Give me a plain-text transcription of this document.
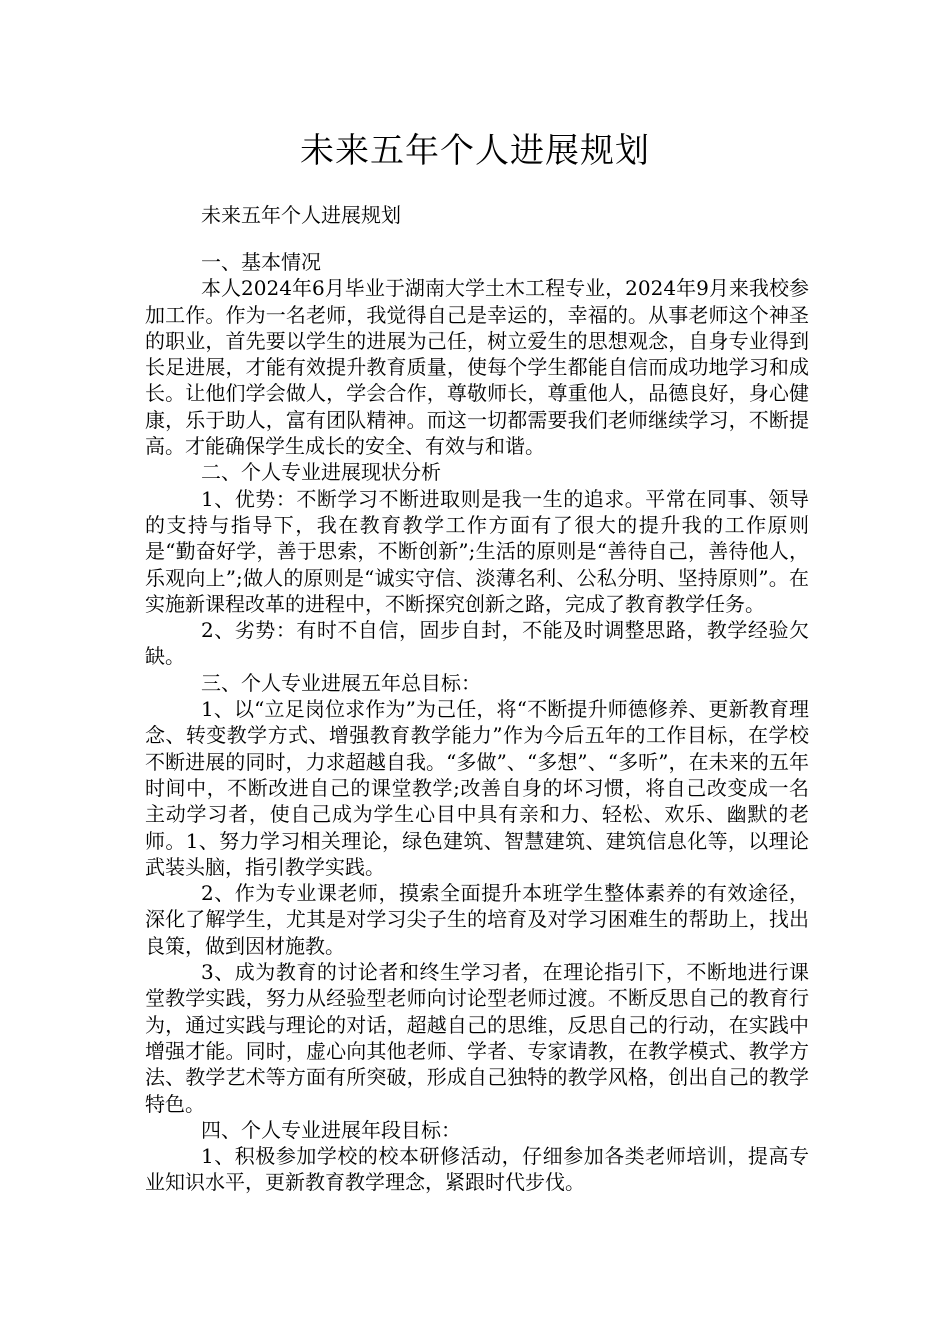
未来五年个人进展规划
未来五年个人进展规划

一、基本情况

本人2024年6月毕业于湖南大学土木工程专业，2024年9月来我校参加工作。作为一名老师，我觉得自己是幸运的，幸福的。从事老师这个神圣的职业，首先要以学生的进展为己任，树立爱生的思想观念，自身专业得到长足进展，才能有效提升教育质量，使每个学生都能自信而成功地学习和成长。让他们学会做人，学会合作，尊敬师长，尊重他人，品德良好，身心健康，乐于助人，富有团队精神。而这一切都需要我们老师继续学习，不断提高。才能确保学生成长的安全、有效与和谐。

二、个人专业进展现状分析

1、优势：不断学习不断进取则是我一生的追求。平常在同事、领导的支持与指导下，我在教育教学工作方面有了很大的提升我的工作原则是“勤奋好学，善于思索，不断创新”;生活的原则是“善待自己，善待他人，乐观向上”;做人的原则是“诚实守信、淡薄名利、公私分明、坚持原则”。在实施新课程改革的进程中，不断探究创新之路，完成了教育教学任务。

2、劣势：有时不自信，固步自封，不能及时调整思路，教学经验欠缺。

三、个人专业进展五年总目标：

1、以“立足岗位求作为”为己任，将“不断提升师德修养、更新教育理念、转变教学方式、增强教育教学能力”作为今后五年的工作目标，在学校不断进展的同时，力求超越自我。“多做”、“多想”、“多听”，在未来的五年时间中，不断改进自己的课堂教学;改善自身的坏习惯，将自己改变成一名主动学习者，使自己成为学生心目中具有亲和力、轻松、欢乐、幽默的老师。1、努力学习相关理论，绿色建筑、智慧建筑、建筑信息化等，以理论武装头脑，指引教学实践。

2、作为专业课老师，摸索全面提升本班学生整体素养的有效途径，深化了解学生，尤其是对学习尖子生的培育及对学习困难生的帮助上，找出良策，做到因材施教。

3、成为教育的讨论者和终生学习者，在理论指引下，不断地进行课堂教学实践，努力从经验型老师向讨论型老师过渡。不断反思自己的教育行为，通过实践与理论的对话，超越自己的思维，反思自己的行动，在实践中增强才能。同时，虚心向其他老师、学者、专家请教，在教学模式、教学方法、教学艺术等方面有所突破，形成自己独特的教学风格，创出自己的教学特色。

四、个人专业进展年段目标：

1、积极参加学校的校本研修活动，仔细参加各类老师培训，提高专业知识水平，更新教育教学理念，紧跟时代步伐。
